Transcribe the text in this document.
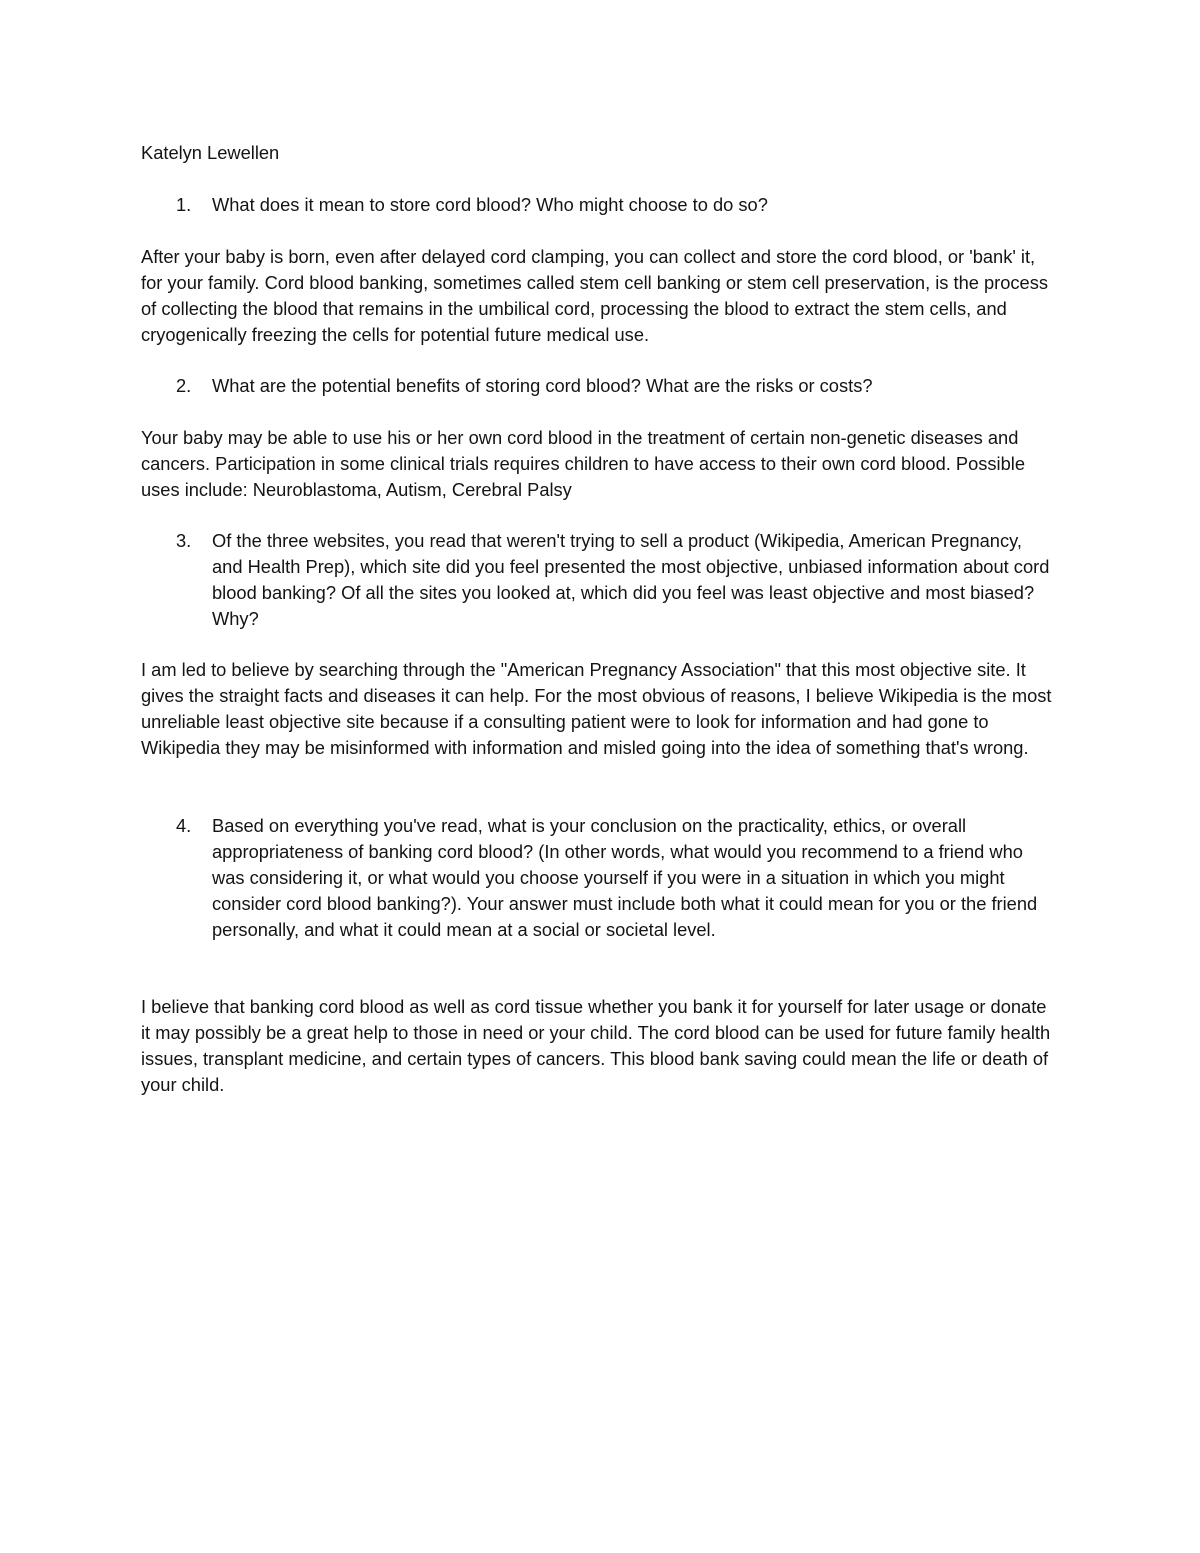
Katelyn Lewellen

1.	What does it mean to store cord blood? Who might choose to do so?

After your baby is born, even after delayed cord clamping, you can collect and store the cord blood, or 'bank' it, for your family. Cord blood banking, sometimes called stem cell banking or stem cell preservation, is the process of collecting the blood that remains in the umbilical cord, processing the blood to extract the stem cells, and cryogenically freezing the cells for potential future medical use.

2.	What are the potential benefits of storing cord blood? What are the risks or costs?

Your baby may be able to use his or her own cord blood in the treatment of certain non-genetic diseases and cancers. Participation in some clinical trials requires children to have access to their own cord blood. Possible uses include: Neuroblastoma, Autism, Cerebral Palsy

3.	Of the three websites, you read that weren't trying to sell a product (Wikipedia, American Pregnancy, and Health Prep), which site did you feel presented the most objective, unbiased information about cord blood banking? Of all the sites you looked at, which did you feel was least objective and most biased? Why?

I am led to believe by searching through the "American Pregnancy Association" that this most objective site. It gives the straight facts and diseases it can help. For the most obvious of reasons, I believe Wikipedia is the most unreliable least objective site because if a consulting patient were to look for information and had gone to Wikipedia they may be misinformed with information and misled going into the idea of something that's wrong.

4.	Based on everything you've read, what is your conclusion on the practicality, ethics, or overall appropriateness of banking cord blood? (In other words, what would you recommend to a friend who was considering it, or what would you choose yourself if you were in a situation in which you might consider cord blood banking?). Your answer must include both what it could mean for you or the friend personally, and what it could mean at a social or societal level.

I believe that banking cord blood as well as cord tissue whether you bank it for yourself for later usage or donate it may possibly be a great help to those in need or your child. The cord blood can be used for future family health issues, transplant medicine, and certain types of cancers. This blood bank saving could mean the life or death of your child.
